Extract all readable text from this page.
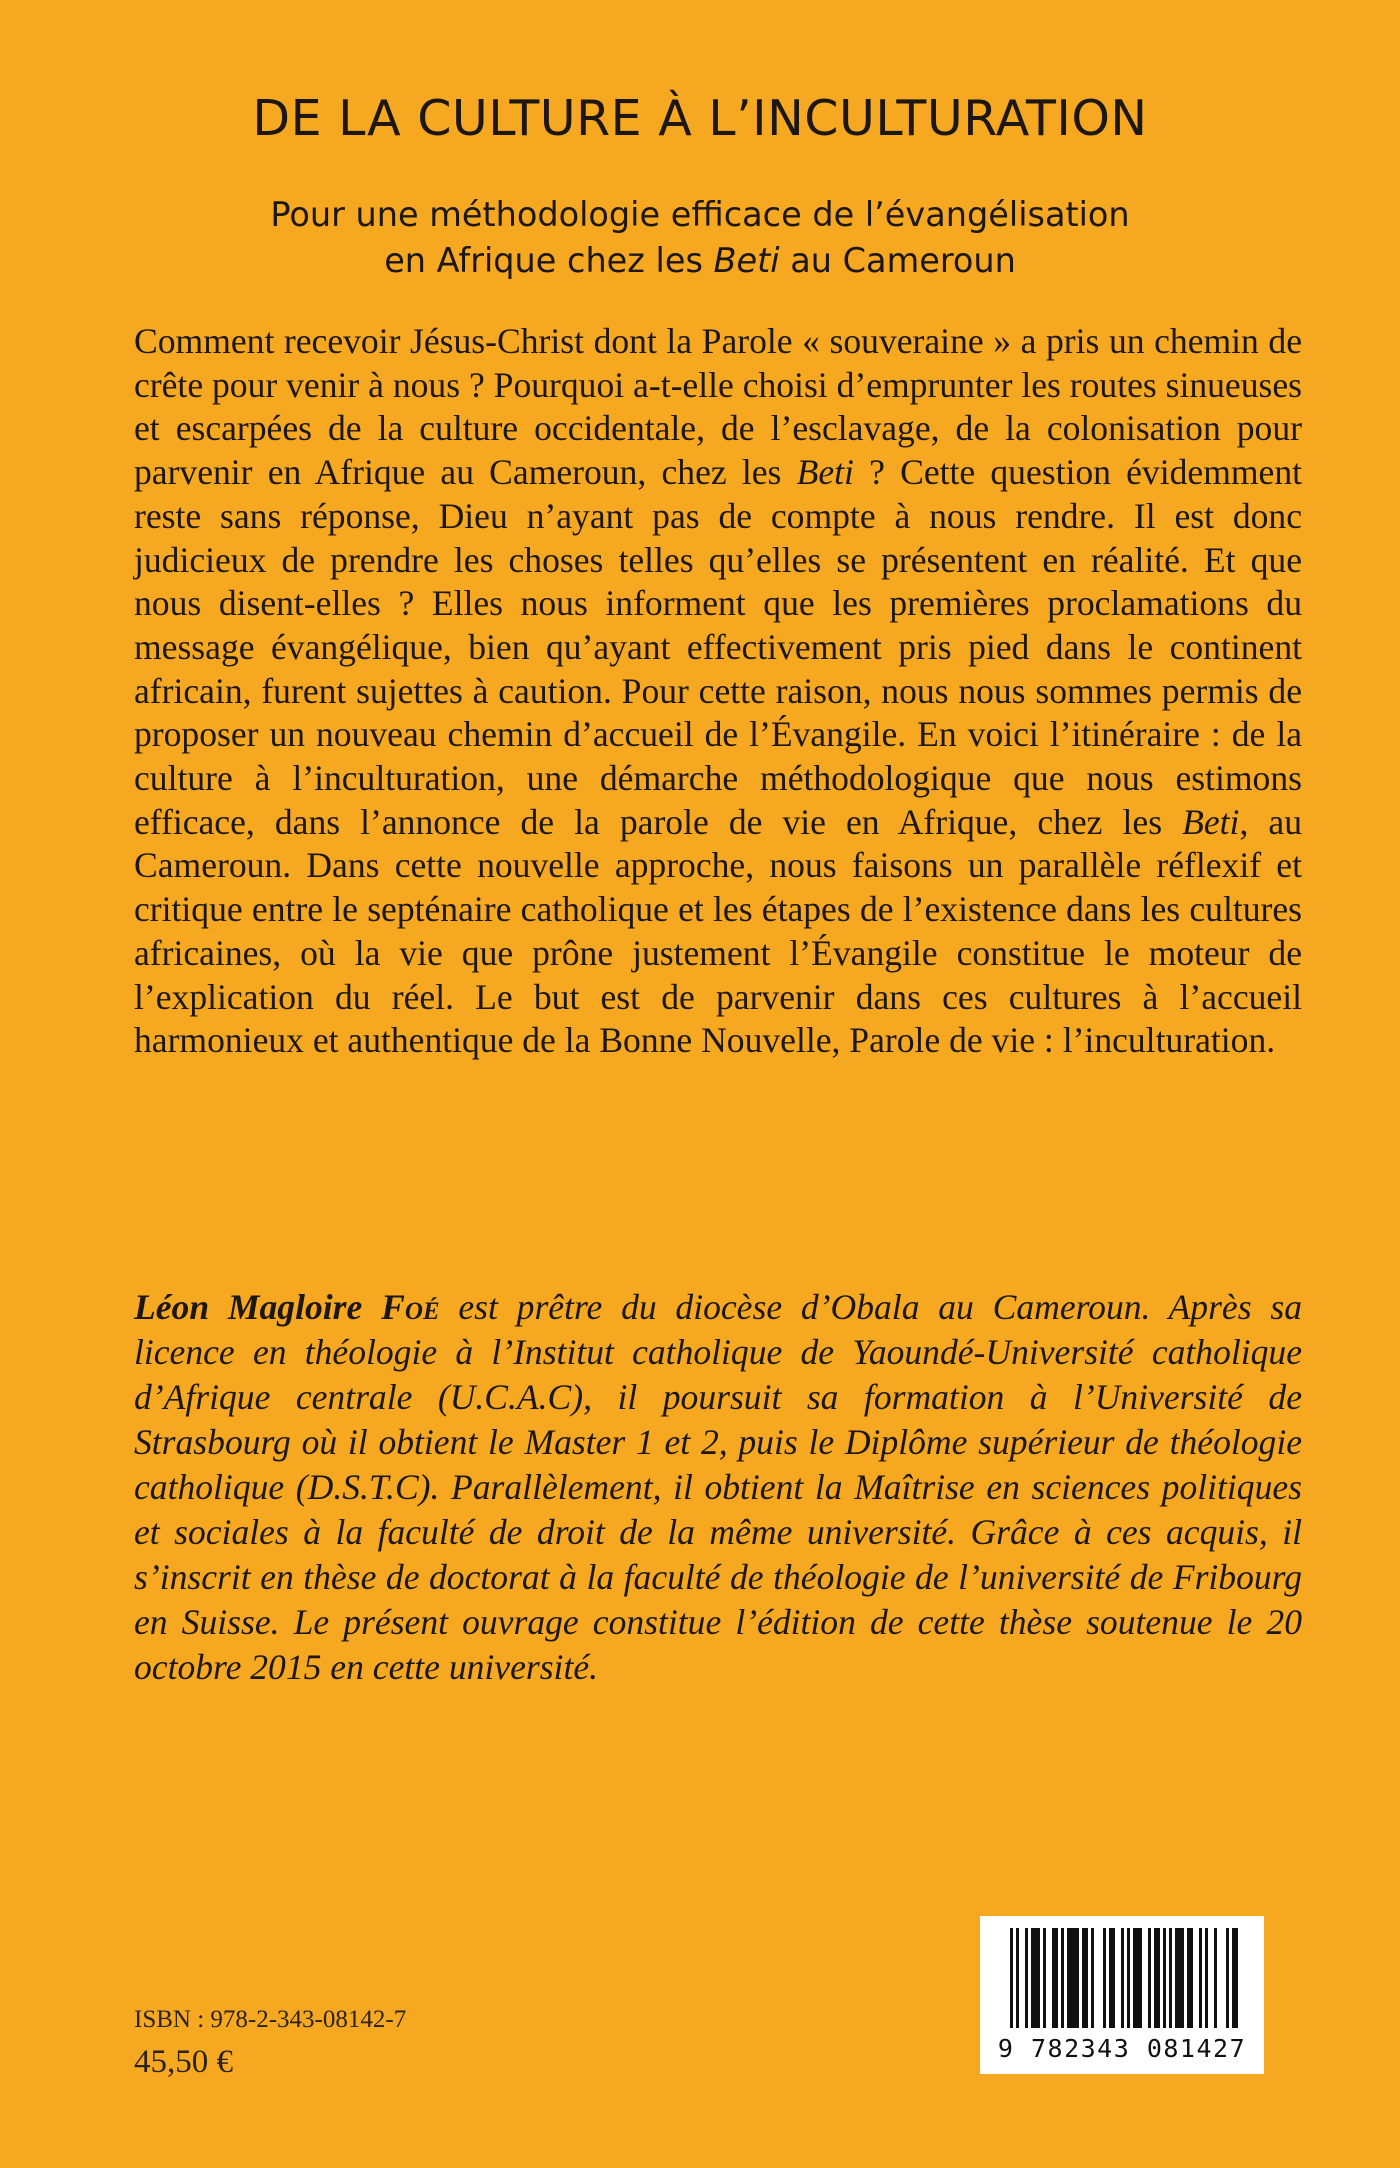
DE LA CULTURE À L’INCULTURATION
Pour une méthodologie efficace de l’évangélisation
en Afrique chez les Beti au Cameroun
Comment recevoir Jésus-Christ dont la Parole « souveraine » a pris un chemin de crête pour venir à nous ? Pourquoi a-t-elle choisi d’emprunter les routes sinueuses et escarpées de la culture occidentale, de l’esclavage, de la colonisation pour parvenir en Afrique au Cameroun, chez les Beti ? Cette question évidemment reste sans réponse, Dieu n’ayant pas de compte à nous rendre. Il est donc judicieux de prendre les choses telles qu’elles se présentent en réalité. Et que nous disent-elles ? Elles nous informent que les premières proclamations du message évangélique, bien qu’ayant effectivement pris pied dans le continent africain, furent sujettes à caution. Pour cette raison, nous nous sommes permis de proposer un nouveau chemin d’accueil de l’Évangile. En voici l’itinéraire : de la culture à l’inculturation, une démarche méthodologique que nous estimons efficace, dans l’annonce de la parole de vie en Afrique, chez les Beti, au Cameroun. Dans cette nouvelle approche, nous faisons un parallèle réflexif et critique entre le septénaire catholique et les étapes de l’existence dans les cultures africaines, où la vie que prône justement l’Évangile constitue le moteur de l’explication du réel. Le but est de parvenir dans ces cultures à l’accueil harmonieux et authentique de la Bonne Nouvelle, Parole de vie : l’inculturation.
Léon Magloire Foé est prêtre du diocèse d’Obala au Cameroun. Après sa licence en théologie à l’Institut catholique de Yaoundé-Université catholique d’Afrique centrale (U.C.A.C), il poursuit sa formation à l’Université de Strasbourg où il obtient le Master 1 et 2, puis le Diplôme supérieur de théologie catholique (D.S.T.C). Parallèlement, il obtient la Maîtrise en sciences politiques et sociales à la faculté de droit de la même université. Grâce à ces acquis, il s’inscrit en thèse de doctorat à la faculté de théologie de l’université de Fribourg en Suisse. Le présent ouvrage constitue l’édition de cette thèse soutenue le 20 octobre 2015 en cette université.
ISBN : 978-2-343-08142-7
45,50 €	9 782343 081427
